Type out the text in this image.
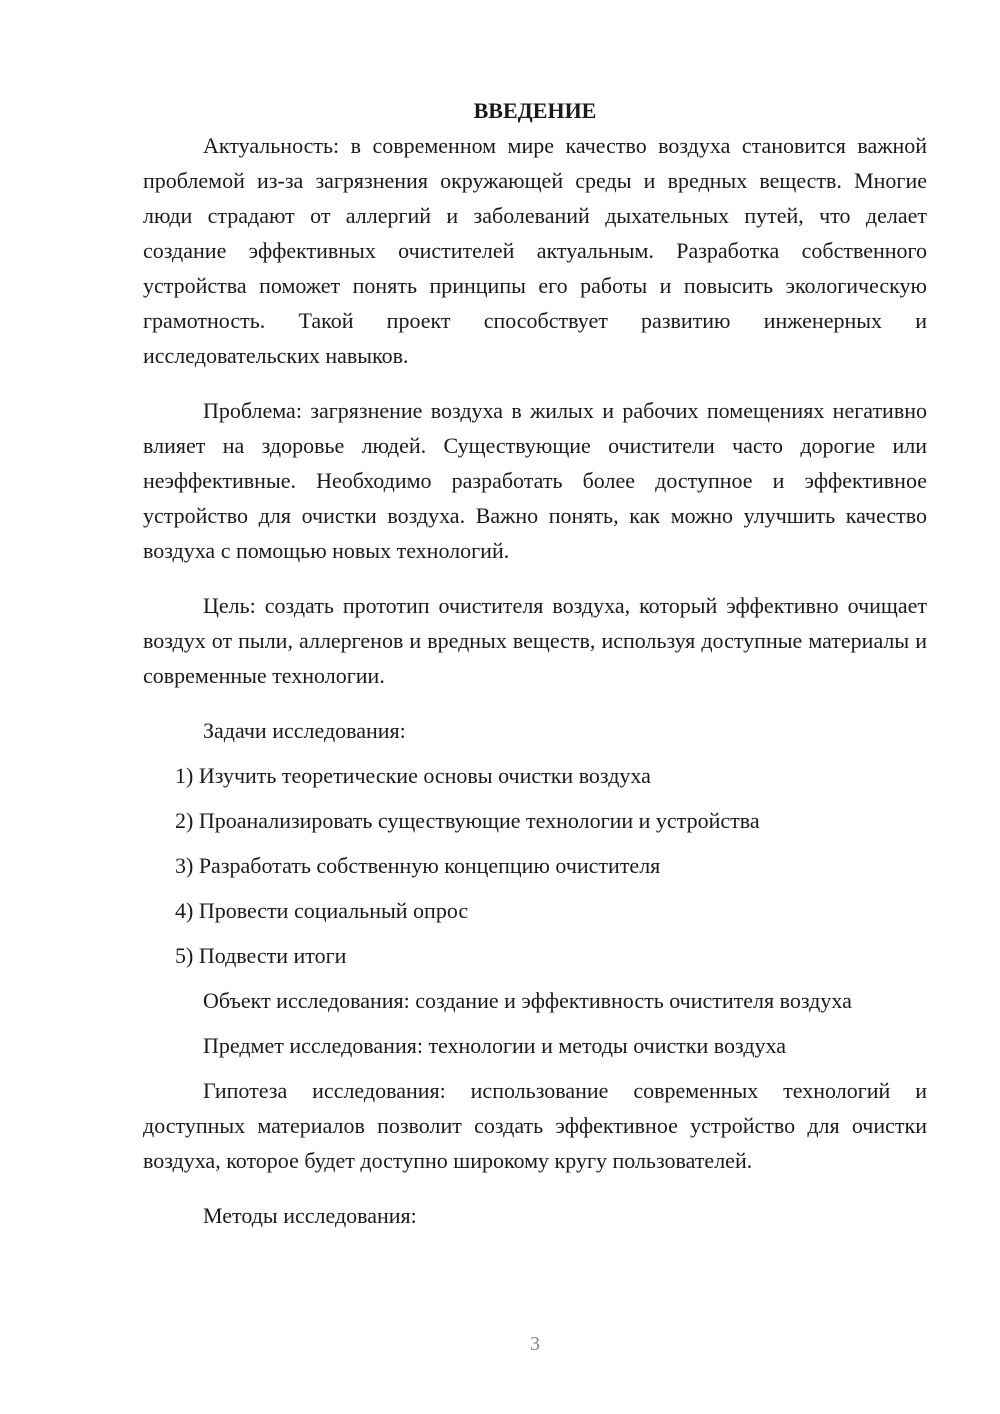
ВВЕДЕНИЕ

Актуальность: в современном мире качество воздуха становится важной проблемой из-за загрязнения окружающей среды и вредных веществ. Многие люди страдают от аллергий и заболеваний дыхательных путей, что делает создание эффективных очистителей актуальным. Разработка собственного устройства поможет понять принципы его работы и повысить экологическую грамотность. Такой проект способствует развитию инженерных и исследовательских навыков.

Проблема: загрязнение воздуха в жилых и рабочих помещениях негативно влияет на здоровье людей. Существующие очистители часто дорогие или неэффективные. Необходимо разработать более доступное и эффективное устройство для очистки воздуха. Важно понять, как можно улучшить качество воздуха с помощью новых технологий.

Цель: создать прототип очистителя воздуха, который эффективно очищает воздух от пыли, аллергенов и вредных веществ, используя доступные материалы и современные технологии.

Задачи исследования:

1) Изучить теоретические основы очистки воздуха
2) Проанализировать существующие технологии и устройства
3) Разработать собственную концепцию очистителя
4) Провести социальный опрос
5) Подвести итоги

Объект исследования: создание и эффективность очистителя воздуха

Предмет исследования: технологии и методы очистки воздуха

Гипотеза исследования: использование современных технологий и доступных материалов позволит создать эффективное устройство для очистки воздуха, которое будет доступно широкому кругу пользователей.

Методы исследования:

3
